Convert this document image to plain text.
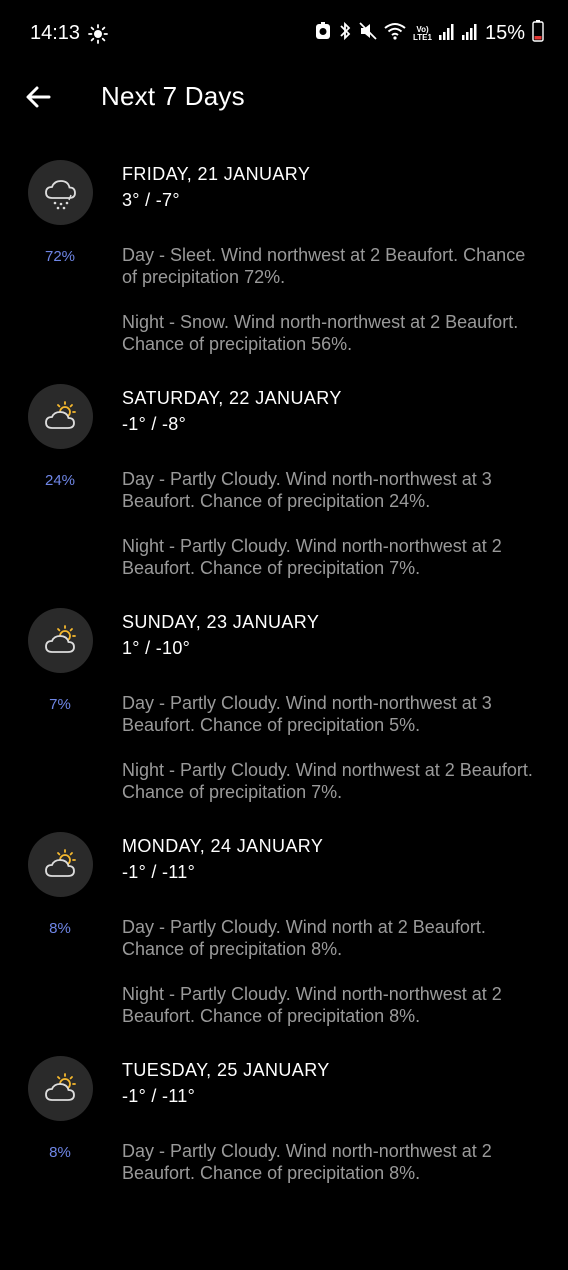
14:13	Vo)
LTE1	15%
Next 7 Days
72%
FRIDAY, 21 JANUARY
3° / -7°
Day - Sleet. Wind northwest at 2 Beaufort. Chance of precipitation 72%.
Night - Snow. Wind north-northwest at 2 Beaufort. Chance of precipitation 56%.
24%
SATURDAY, 22 JANUARY
-1° / -8°
Day - Partly Cloudy. Wind north-northwest at 3 Beaufort. Chance of precipitation 24%.
Night - Partly Cloudy. Wind north-northwest at 2 Beaufort. Chance of precipitation 7%.
7%
SUNDAY, 23 JANUARY
1° / -10°
Day - Partly Cloudy. Wind north-northwest at 3 Beaufort. Chance of precipitation 5%.
Night - Partly Cloudy. Wind northwest at 2 Beaufort. Chance of precipitation 7%.
8%
MONDAY, 24 JANUARY
-1° / -11°
Day - Partly Cloudy. Wind north at 2 Beaufort. Chance of precipitation 8%.
Night - Partly Cloudy. Wind north-northwest at 2 Beaufort. Chance of precipitation 8%.
8%
TUESDAY, 25 JANUARY
-1° / -11°
Day - Partly Cloudy. Wind north-northwest at 2 Beaufort. Chance of precipitation 8%.
